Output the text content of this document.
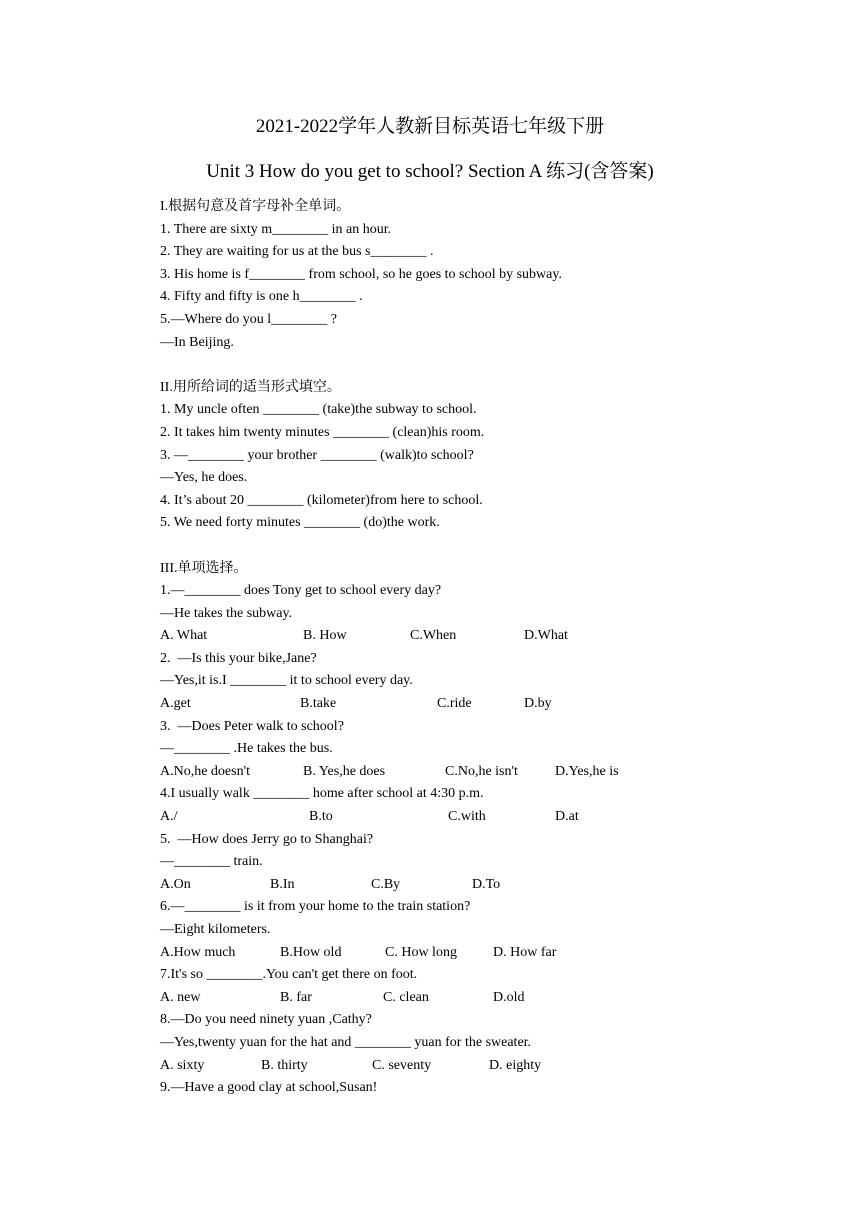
2021-2022学年人教新目标英语七年级下册
Unit 3 How do you get to school? Section A 练习(含答案)
I.根据句意及首字母补全单词。
1. There are sixty m________ in an hour.
2. They are waiting for us at the bus s________ .
3. His home is f________ from school, so he goes to school by subway.
4. Fifty and fifty is one h________ .
5.—Where do you l________ ?
—In Beijing.
II.用所给词的适当形式填空。
1. My uncle often ________ (take)the subway to school.
2. It takes him twenty minutes ________ (clean)his room.
3. —________ your brother ________ (walk)to school?
—Yes, he does.
4. It’s about 20 ________ (kilometer)from here to school.
5. We need forty minutes ________ (do)the work.
III.单项选择。
1.—________ does Tony get to school every day?
—He takes the subway.
A. What	B. How	C.When	D.What
2.  —Is this your bike,Jane?
—Yes,it is.I ________ it to school every day.
A.get	B.take	C.ride	D.by
3.  —Does Peter walk to school?
—________ .He takes the bus.
A.No,he doesn't	B. Yes,he does	C.No,he isn't	D.Yes,he is
4.I usually walk ________ home after school at 4:30 p.m.
A./	B.to	C.with	D.at
5.  —How does Jerry go to Shanghai?
—________ train.
A.On	B.In	C.By	D.To
6.—________ is it from your home to the train station?
—Eight kilometers.
A.How much	B.How old	C. How long	D. How far
7.It's so ________.You can't get there on foot.
A. new	B. far	C. clean	D.old
8.—Do you need ninety yuan ,Cathy?
—Yes,twenty yuan for the hat and ________ yuan for the sweater.
A. sixty	B. thirty	C. seventy	D. eighty
9.—Have a good clay at school,Susan!
